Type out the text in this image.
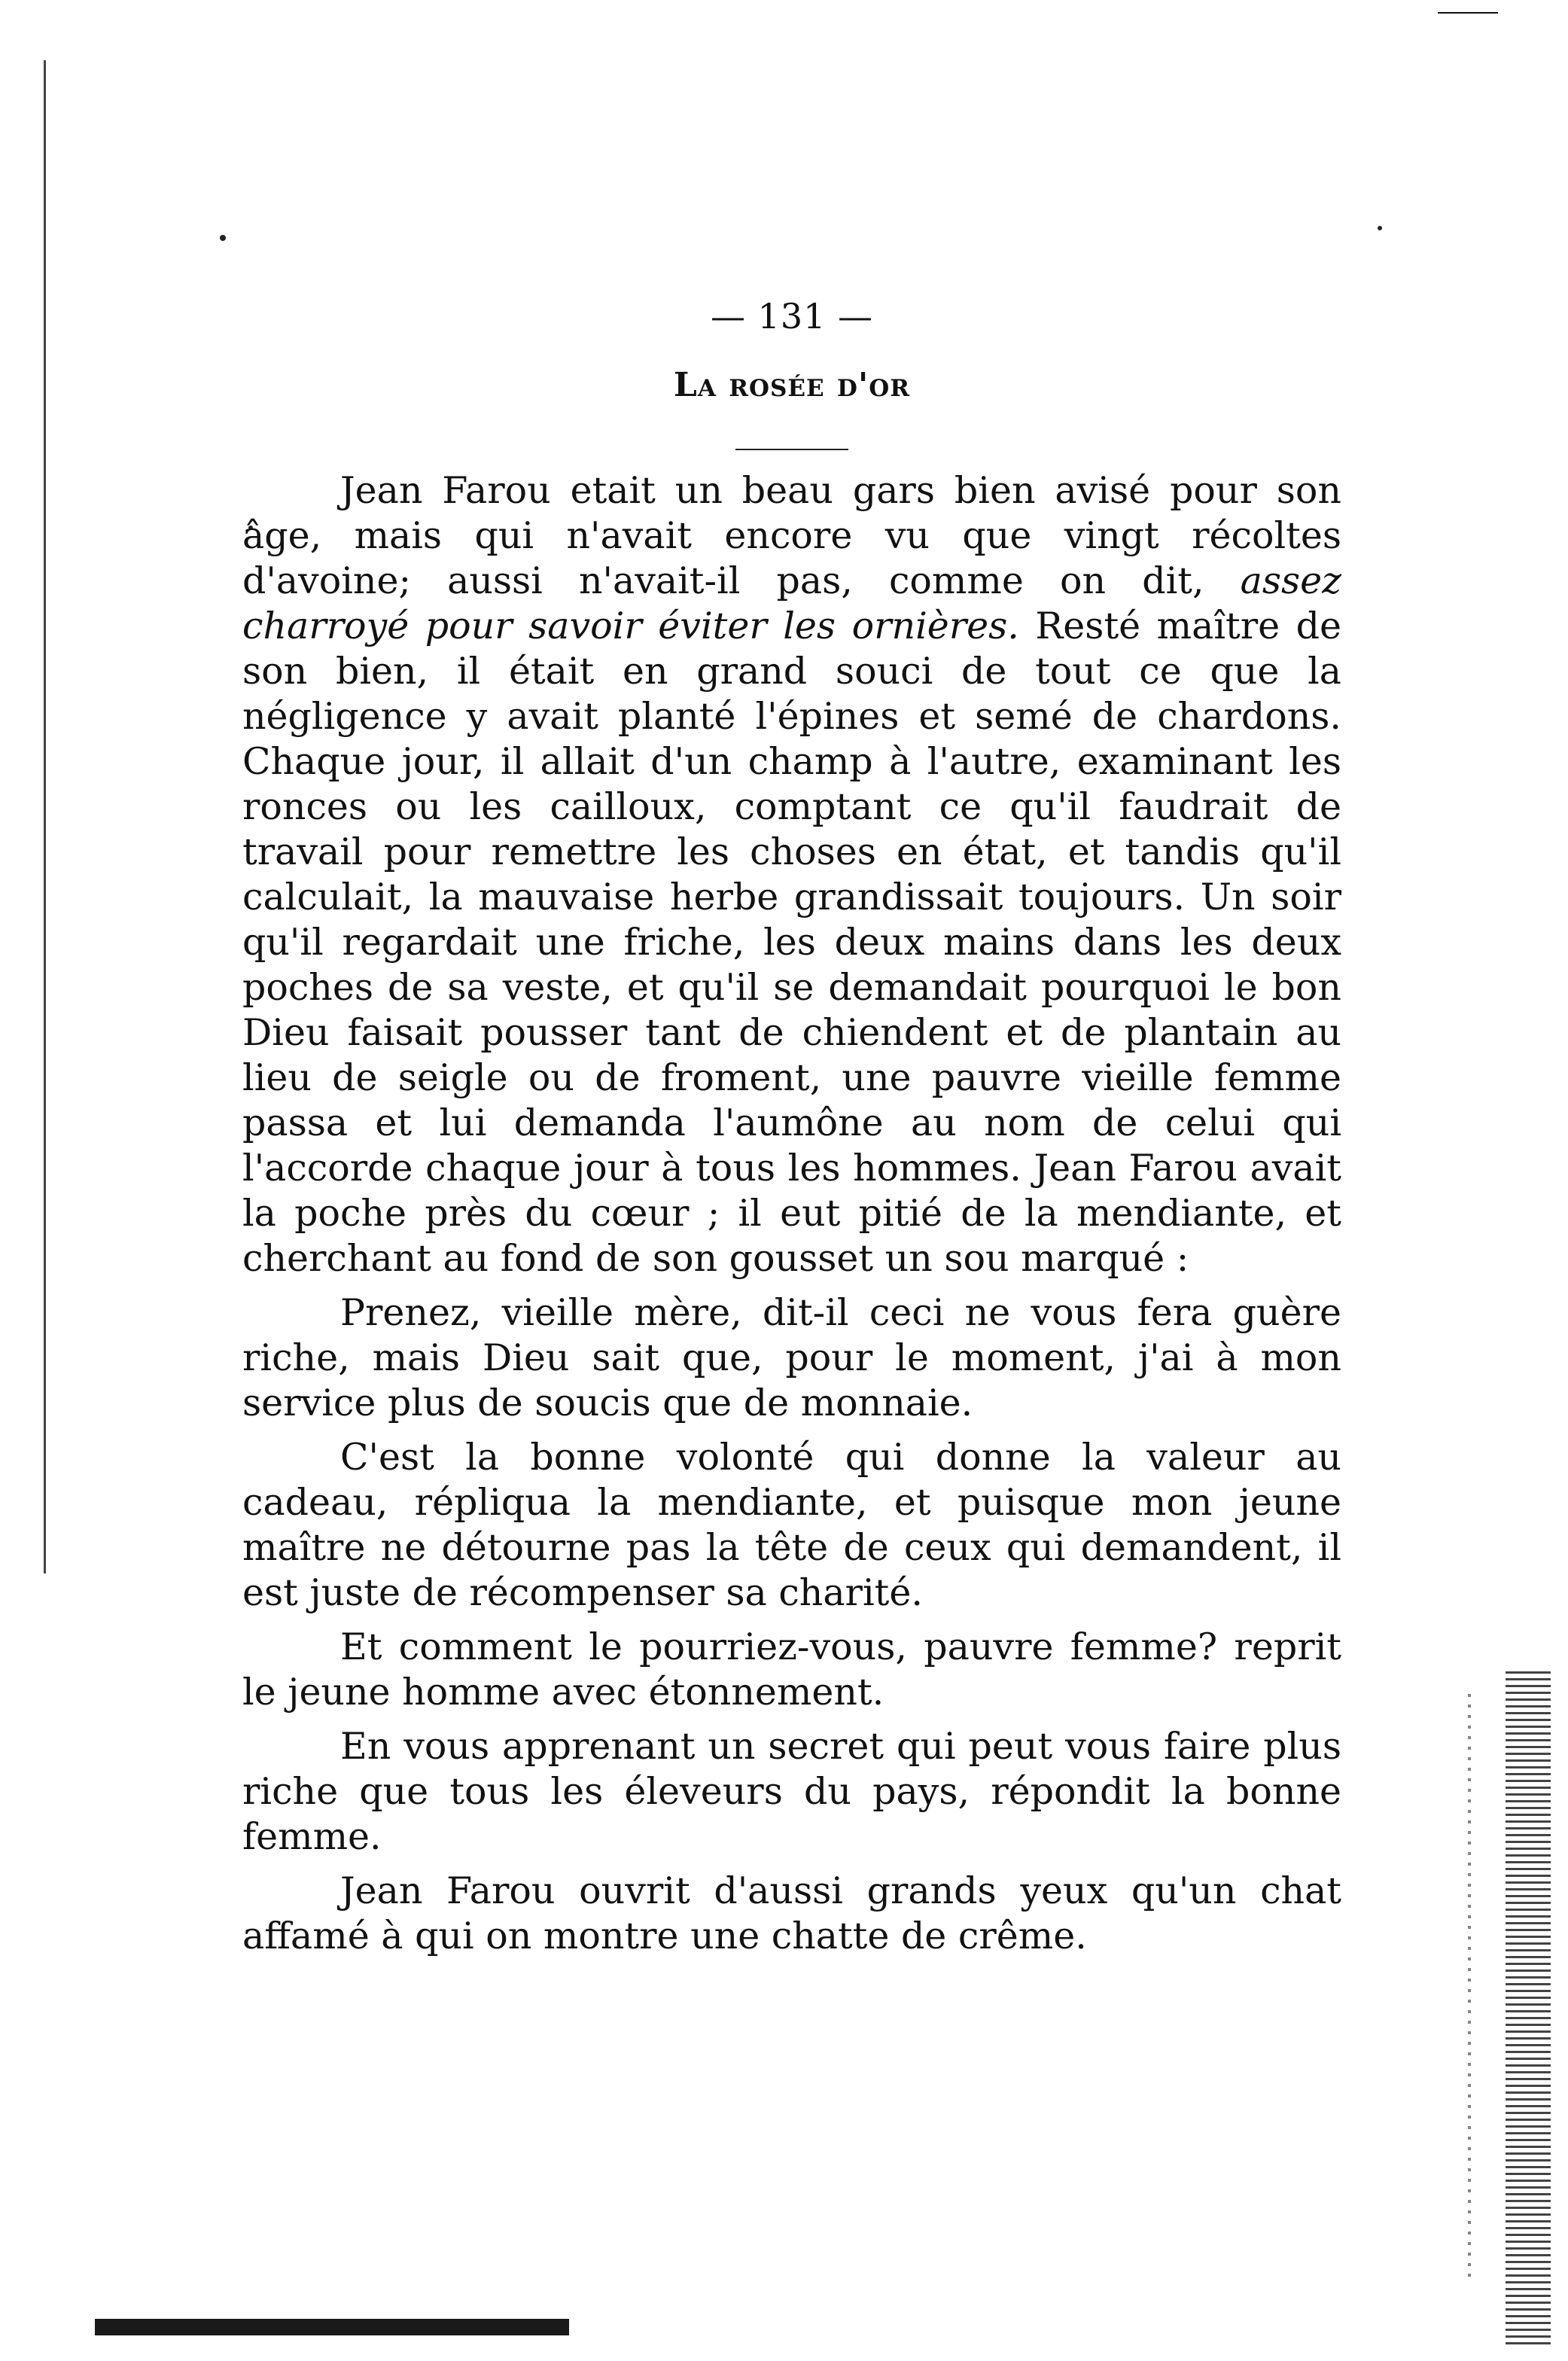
— 131 —
La rosée d'or

Jean Farou etait un beau gars bien avisé pour son âge, mais qui n'avait encore vu que vingt récoltes d'avoine; aussi n'avait-il pas, comme on dit, assez charroyé pour savoir éviter les ornières. Resté maître de son bien, il était en grand souci de tout ce que la négligence y avait planté l'épines et semé de chardons. Chaque jour, il allait d'un champ à l'autre, examinant les ronces ou les cailloux, comptant ce qu'il faudrait de travail pour remettre les choses en état, et tandis qu'il calculait, la mauvaise herbe grandissait toujours. Un soir qu'il regardait une friche, les deux mains dans les deux poches de sa veste, et qu'il se demandait pourquoi le bon Dieu faisait pousser tant de chiendent et de plantain au lieu de seigle ou de froment, une pauvre vieille femme passa et lui demanda l'aumône au nom de celui qui l'accorde chaque jour à tous les hommes. Jean Farou avait la poche près du cœur ; il eut pitié de la mendiante, et cherchant au fond de son gousset un sou marqué :

Prenez, vieille mère, dit-il ceci ne vous fera guère riche, mais Dieu sait que, pour le moment, j'ai à mon service plus de soucis que de monnaie.

C'est la bonne volonté qui donne la valeur au cadeau, répliqua la mendiante, et puisque mon jeune maître ne détourne pas la tête de ceux qui demandent, il est juste de récompenser sa charité.

Et comment le pourriez-vous, pauvre femme? reprit le jeune homme avec étonnement.

En vous apprenant un secret qui peut vous faire plus riche que tous les éleveurs du pays, répondit la bonne femme.

Jean Farou ouvrit d'aussi grands yeux qu'un chat affamé à qui on montre une chatte de crême.
